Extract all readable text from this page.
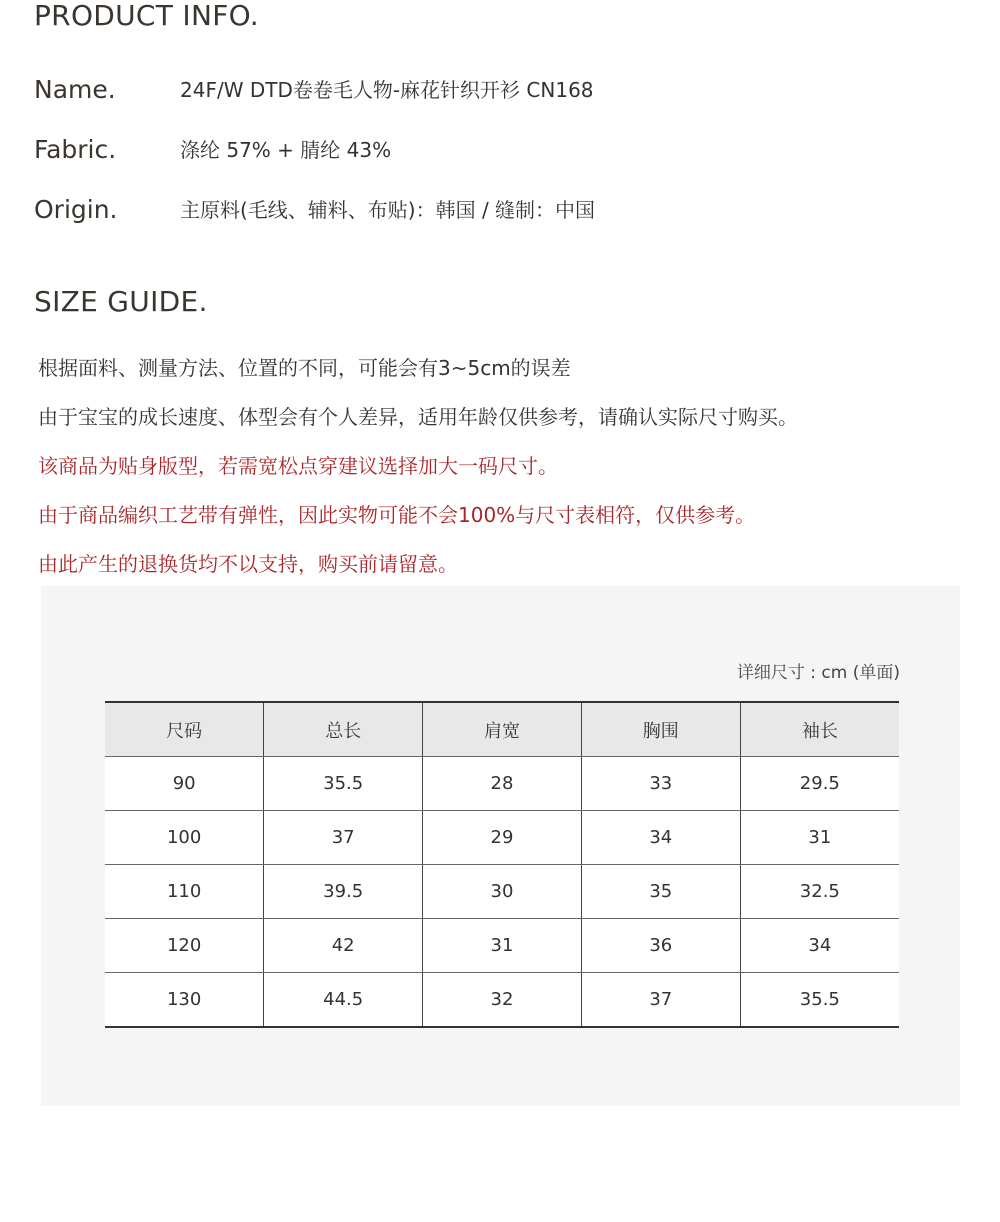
PRODUCT INFO.
Name.	24F/W DTD卷卷毛人物-麻花针织开衫 CN168
Fabric.	涤纶 57% + 腈纶 43%
Origin.	主原料(毛线、辅料、布贴)：韩国 / 缝制：中国
SIZE GUIDE.
根据面料、测量方法、位置的不同，可能会有3~5cm的误差
由于宝宝的成长速度、体型会有个人差异，适用年龄仅供参考，请确认实际尺寸购买。
该商品为贴身版型，若需宽松点穿建议选择加大一码尺寸。
由于商品编织工艺带有弹性，因此实物可能不会100%与尺寸表相符，仅供参考。
由此产生的退换货均不以支持，购买前请留意。
详细尺寸 : cm (单面)
尺码	总长	肩宽	胸围	袖长
90	35.5	28	33	29.5
100	37	29	34	31
110	39.5	30	35	32.5
120	42	31	36	34
130	44.5	32	37	35.5
